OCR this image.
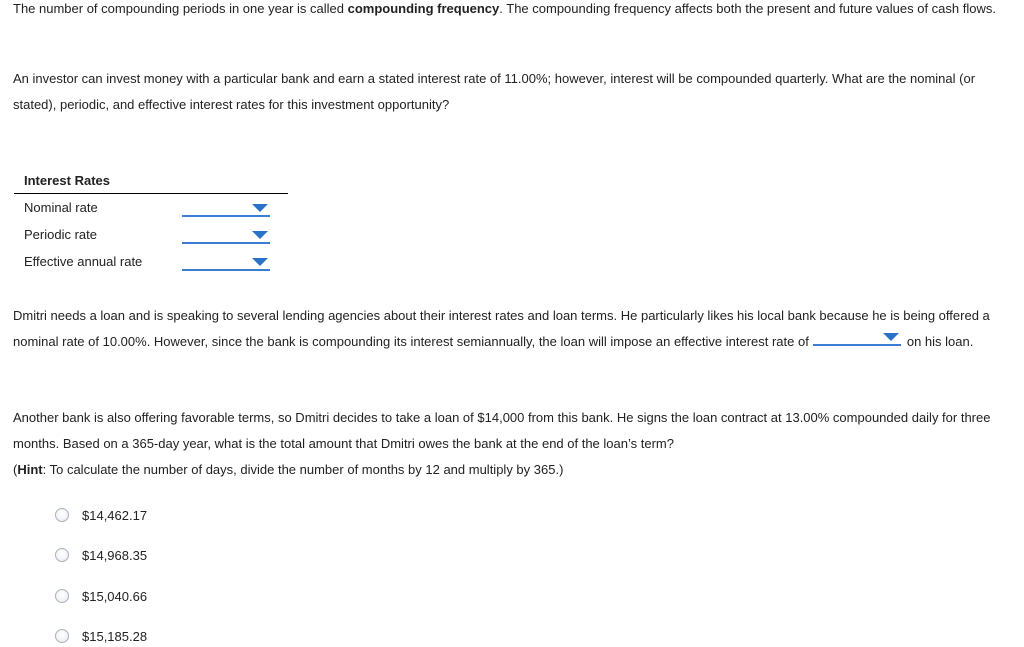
The number of compounding periods in one year is called compounding frequency. The compounding frequency affects both the present and future values of cash flows.

An investor can invest money with a particular bank and earn a stated interest rate of 11.00%; however, interest will be compounded quarterly. What are the nominal (or stated), periodic, and effective interest rates for this investment opportunity?

Interest Rates
Nominal rate
Periodic rate
Effective annual rate

Dmitri needs a loan and is speaking to several lending agencies about their interest rates and loan terms. He particularly likes his local bank because he is being offered a nominal rate of 10.00%. However, since the bank is compounding its interest semiannually, the loan will impose an effective interest rate of	on his loan.

Another bank is also offering favorable terms, so Dmitri decides to take a loan of $14,000 from this bank. He signs the loan contract at 13.00% compounded daily for three months. Based on a 365-day year, what is the total amount that Dmitri owes the bank at the end of the loan’s term?
(Hint: To calculate the number of days, divide the number of months by 12 and multiply by 365.)

$14,462.17
$14,968.35
$15,040.66
$15,185.28
